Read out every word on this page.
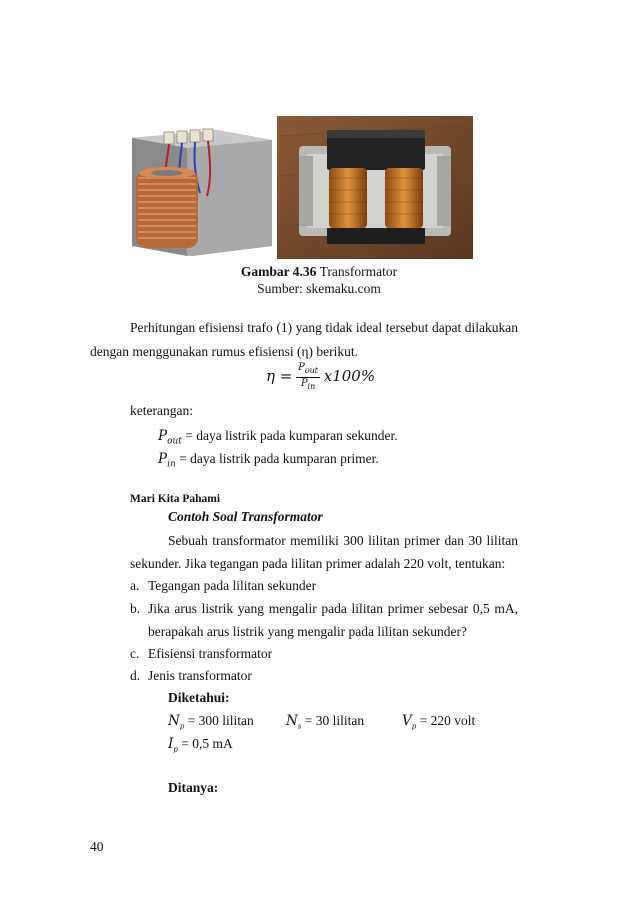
Gambar 4.36 Transformator
Sumber: skemaku.com
Perhitungan efisiensi trafo (1) yang tidak ideal tersebut dapat dilakukan
dengan menggunakan rumus efisiensi (η) berikut.
$\eta = \frac{P_{out}}{P_{in}} x100\%$
keterangan:
$P_{out}$ = daya listrik pada kumparan sekunder.
$P_{in}$ = daya listrik pada kumparan primer.
Mari Kita Pahami
Contoh Soal Transformator
Sebuah transformator memiliki 300 lilitan primer dan 30 lilitan
sekunder. Jika tegangan pada lilitan primer adalah 220 volt, tentukan:
a. Tegangan pada lilitan sekunder
b. Jika arus listrik yang mengalir pada lilitan primer sebesar 0,5 mA,
berapakah arus listrik yang mengalir pada lilitan sekunder?
c. Efisiensi transformator
d. Jenis transformator
Diketahui:
$N_p = 300$ lilitan $N_s = 30$ lilitan	$V_p = 220$ volt
$I_p = 0,5$ mA
Ditanya:
40
